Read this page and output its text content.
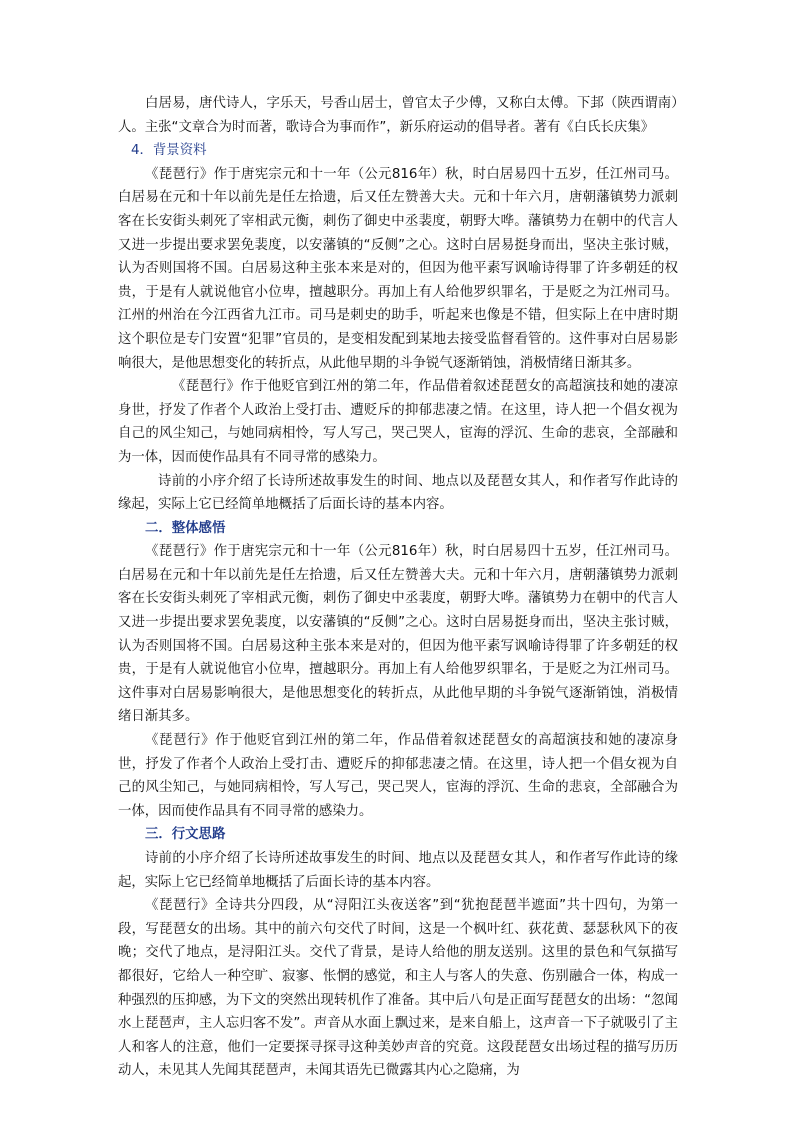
白居易，唐代诗人，字乐天，号香山居士，曾官太子少傅，又称白太傅。下邽（陕西谓南）人。主张“文章合为时而著，歌诗合为事而作”，新乐府运动的倡导者。著有《白氏长庆集》

4．背景资料

《琵琶行》作于唐宪宗元和十一年（公元816年）秋，时白居易四十五岁，任江州司马。白居易在元和十年以前先是任左拾遗，后又任左赞善大夫。元和十年六月，唐朝藩镇势力派刺客在长安街头刺死了宰相武元衡，刺伤了御史中丞裴度，朝野大哗。藩镇势力在朝中的代言人又进一步提出要求罢免裴度，以安藩镇的“反侧”之心。这时白居易挺身而出，坚决主张讨贼，认为否则国将不国。白居易这种主张本来是对的，但因为他平素写讽喻诗得罪了许多朝廷的权贵，于是有人就说他官小位卑，擅越职分。再加上有人给他罗织罪名，于是贬之为江州司马。江州的州治在今江西省九江市。司马是刺史的助手，听起来也像是不错，但实际上在中唐时期这个职位是专门安置“犯罪”官员的，是变相发配到某地去接受监督看管的。这件事对白居易影响很大，是他思想变化的转折点，从此他早期的斗争锐气逐渐销蚀，消极情绪日渐其多。

《琵琶行》作于他贬官到江州的第二年，作品借着叙述琵琶女的高超演技和她的凄凉身世，抒发了作者个人政治上受打击、遭贬斥的抑郁悲凄之情。在这里，诗人把一个倡女视为自己的风尘知己，与她同病相怜，写人写己，哭己哭人，宦海的浮沉、生命的悲哀，全部融和为一体，因而使作品具有不同寻常的感染力。

诗前的小序介绍了长诗所述故事发生的时间、地点以及琵琶女其人，和作者写作此诗的缘起，实际上它已经简单地概括了后面长诗的基本内容。

二．整体感悟

《琵琶行》作于唐宪宗元和十一年（公元816年）秋，时白居易四十五岁，任江州司马。白居易在元和十年以前先是任左拾遗，后又任左赞善大夫。元和十年六月，唐朝藩镇势力派刺客在长安街头刺死了宰相武元衡，刺伤了御史中丞裴度，朝野大哗。藩镇势力在朝中的代言人又进一步提出要求罢免裴度，以安藩镇的“反侧”之心。这时白居易挺身而出，坚决主张讨贼，认为否则国将不国。白居易这种主张本来是对的，但因为他平素写讽喻诗得罪了许多朝廷的权贵，于是有人就说他官小位卑，擅越职分。再加上有人给他罗织罪名，于是贬之为江州司马。这件事对白居易影响很大，是他思想变化的转折点，从此他早期的斗争锐气逐渐销蚀，消极情绪日渐其多。

《琵琶行》作于他贬官到江州的第二年，作品借着叙述琵琶女的高超演技和她的凄凉身世，抒发了作者个人政治上受打击、遭贬斥的抑郁悲凄之情。在这里，诗人把一个倡女视为自己的风尘知己，与她同病相怜，写人写己，哭己哭人，宦海的浮沉、生命的悲哀，全部融合为一体，因而使作品具有不同寻常的感染力。

三．行文思路

诗前的小序介绍了长诗所述故事发生的时间、地点以及琵琶女其人，和作者写作此诗的缘起，实际上它已经简单地概括了后面长诗的基本内容。

《琵琶行》全诗共分四段，从“浔阳江头夜送客”到“犹抱琵琶半遮面”共十四句，为第一段，写琵琶女的出场。其中的前六句交代了时间，这是一个枫叶红、荻花黄、瑟瑟秋风下的夜晚；交代了地点，是浔阳江头。交代了背景，是诗人给他的朋友送别。这里的景色和气氛描写都很好，它给人一种空旷、寂寥、怅惘的感觉，和主人与客人的失意、伤别融合一体，构成一种强烈的压抑感，为下文的突然出现转机作了准备。其中后八句是正面写琵琶女的出场：“忽闻水上琵琶声，主人忘归客不发”。声音从水面上飘过来，是来自船上，这声音一下子就吸引了主人和客人的注意，他们一定要探寻探寻这种美妙声音的究竟。这段琵琶女出场过程的描写历历动人，未见其人先闻其琵琶声，未闻其语先已微露其内心之隐痛，为
